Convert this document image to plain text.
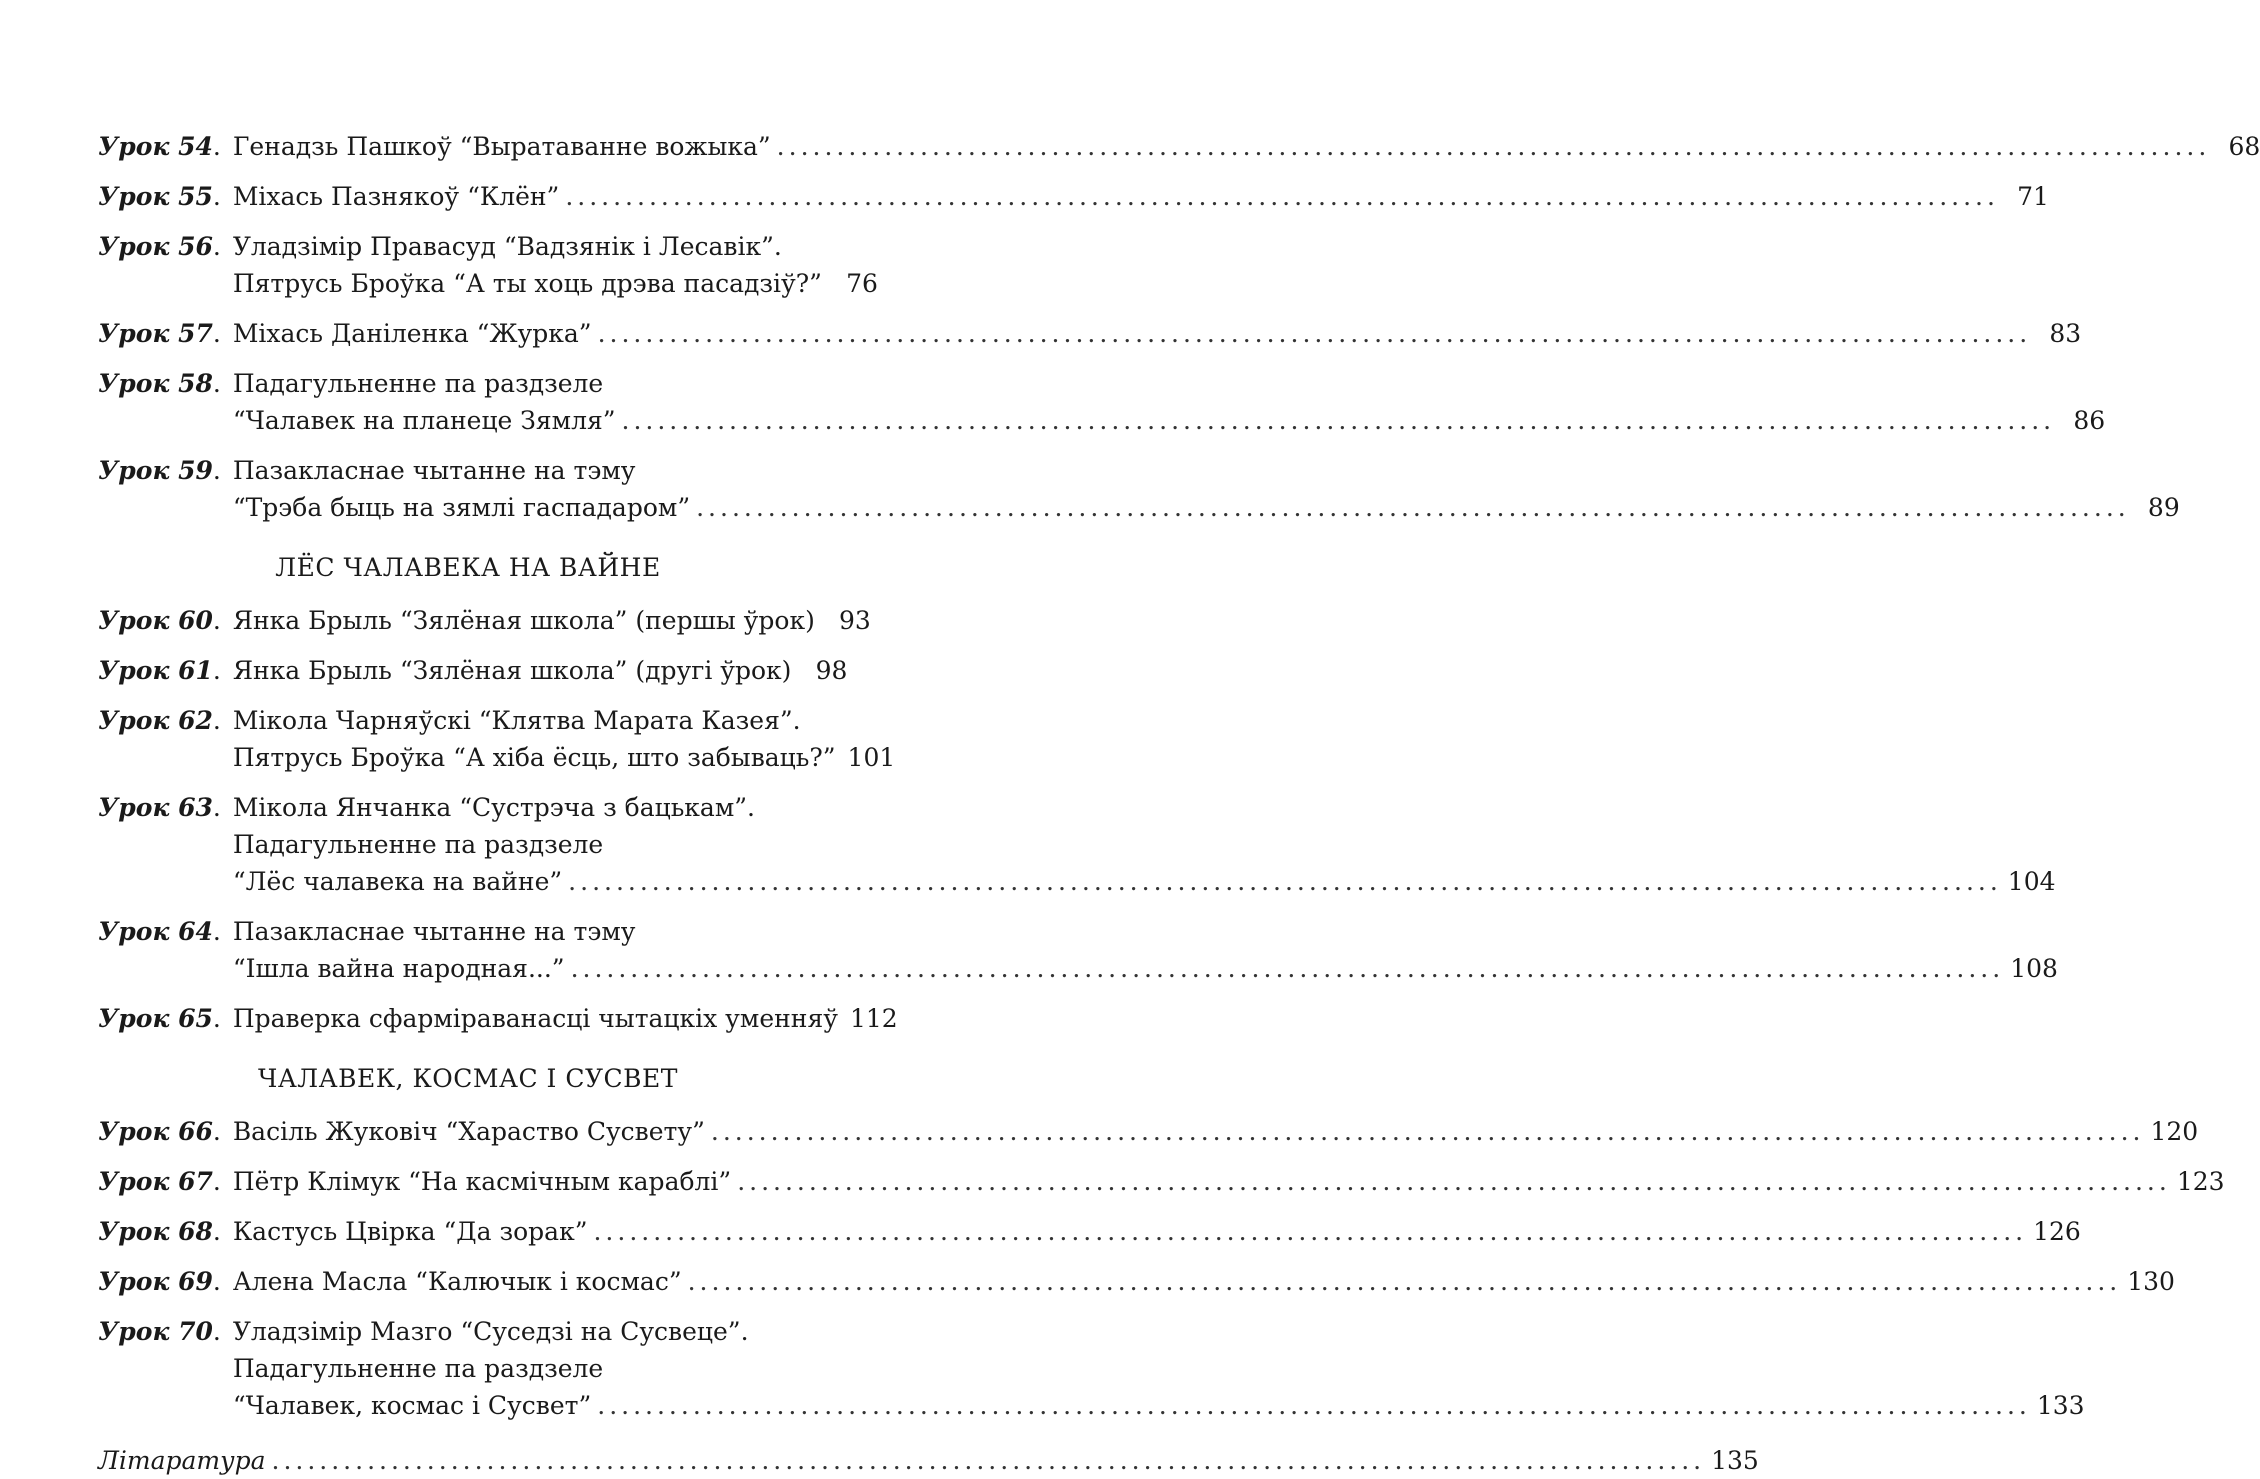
Урок 54 . Генадзь Пашкоў “Выратаванне вожыка” ........................................................................................................................ 68
Урок 55 . Міхась Пазнякоў “Клён” ........................................................................................................................ 71
Урок 56 . Уладзімір Правасуд “Вадзянік і Лесавік”.
Пятрусь Броўка “А ты хоць дрэва пасадзіў?” 76
Урок 57 . Міхась Даніленка “Журка” ........................................................................................................................ 83
Урок 58 . Падагульненне па раздзеле
“Чалавек на планеце Зямля” ........................................................................................................................ 86
Урок 59 . Пазакласнае чытанне на тэму
“Трэба быць на зямлі гаспадаром” ........................................................................................................................ 89
ЛЁС ЧАЛАВЕКА НА ВАЙНЕ
Урок 60 . Янка Брыль “Зялёная школа” (першы ўрок) 93
Урок 61 . Янка Брыль “Зялёная школа” (другі ўрок) 98
Урок 62 . Мікола Чарняўскі “Клятва Марата Казея”.
Пятрусь Броўка “А хіба ёсць, што забываць?” 101
Урок 63 . Мікола Янчанка “Сустрэча з бацькам”.
Падагульненне па раздзеле
“Лёс чалавека на вайне” ........................................................................................................................ 104
Урок 64 . Пазакласнае чытанне на тэму
“Ішла вайна народная...” ........................................................................................................................ 108
Урок 65 . Праверка сфарміраванасці чытацкіх уменняў 112
ЧАЛАВЕК, КОСМАС І СУСВЕТ
Урок 66 . Васіль Жуковіч “Хараство Сусвету” ........................................................................................................................ 120
Урок 67 . Пётр Клімук “На касмічным караблі” ........................................................................................................................ 123
Урок 68 . Кастусь Цвірка “Да зорак” ........................................................................................................................ 126
Урок 69 . Алена Масла “Калючык і космас” ........................................................................................................................ 130
Урок 70 . Уладзімір Мазго “Суседзі на Сусвеце”.
Падагульненне па раздзеле
“Чалавек, космас і Сусвет” ........................................................................................................................ 133
Літаратура ........................................................................................................................ 135
